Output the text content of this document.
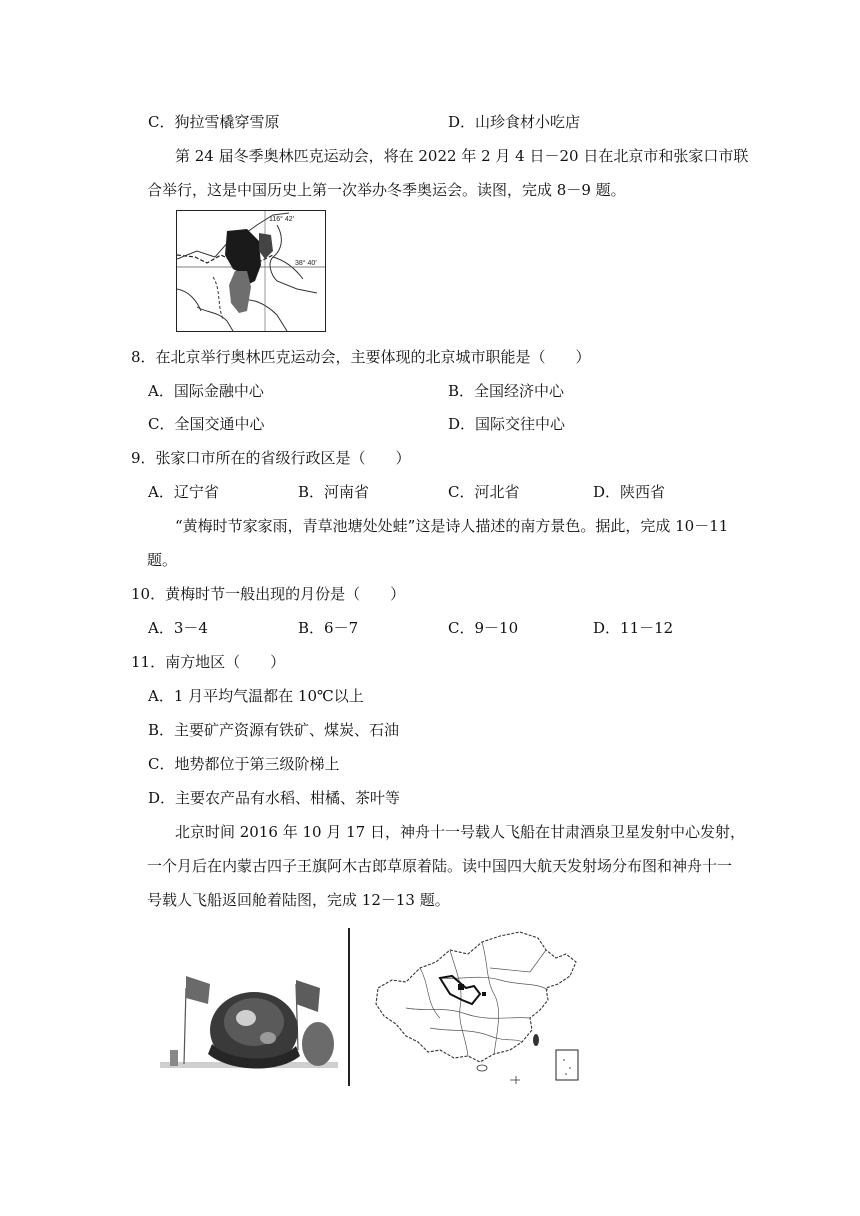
C．狗拉雪橇穿雪原	D．山珍食材小吃店
第 24 届冬季奥林匹克运动会，将在 2022 年 2 月 4 日－20 日在北京市和张家口市联
合举行，这是中国历史上第一次举办冬季奥运会。读图，完成 8－9 题。
116° 42′
38° 40′
8．在北京举行奥林匹克运动会，主要体现的北京城市职能是（　　）
A．国际金融中心	B．全国经济中心
C．全国交通中心	D．国际交往中心
9．张家口市所在的省级行政区是（　　）
A．辽宁省	B．河南省	C．河北省	D．陕西省
“黄梅时节家家雨，青草池塘处处蛙”这是诗人描述的南方景色。据此，完成 10－11
题。
10．黄梅时节一般出现的月份是（　　）
A．3－4	B．6－7	C．9－10	D．11－12
11．南方地区（　　）
A．1 月平均气温都在 10℃以上
B．主要矿产资源有铁矿、煤炭、石油
C．地势都位于第三级阶梯上
D．主要农产品有水稻、柑橘、茶叶等
北京时间 2016 年 10 月 17 日，神舟十一号载人飞船在甘肃酒泉卫星发射中心发射，
一个月后在内蒙古四子王旗阿木古郎草原着陆。读中国四大航天发射场分布图和神舟十一
号载人飞船返回舱着陆图，完成 12－13 题。
